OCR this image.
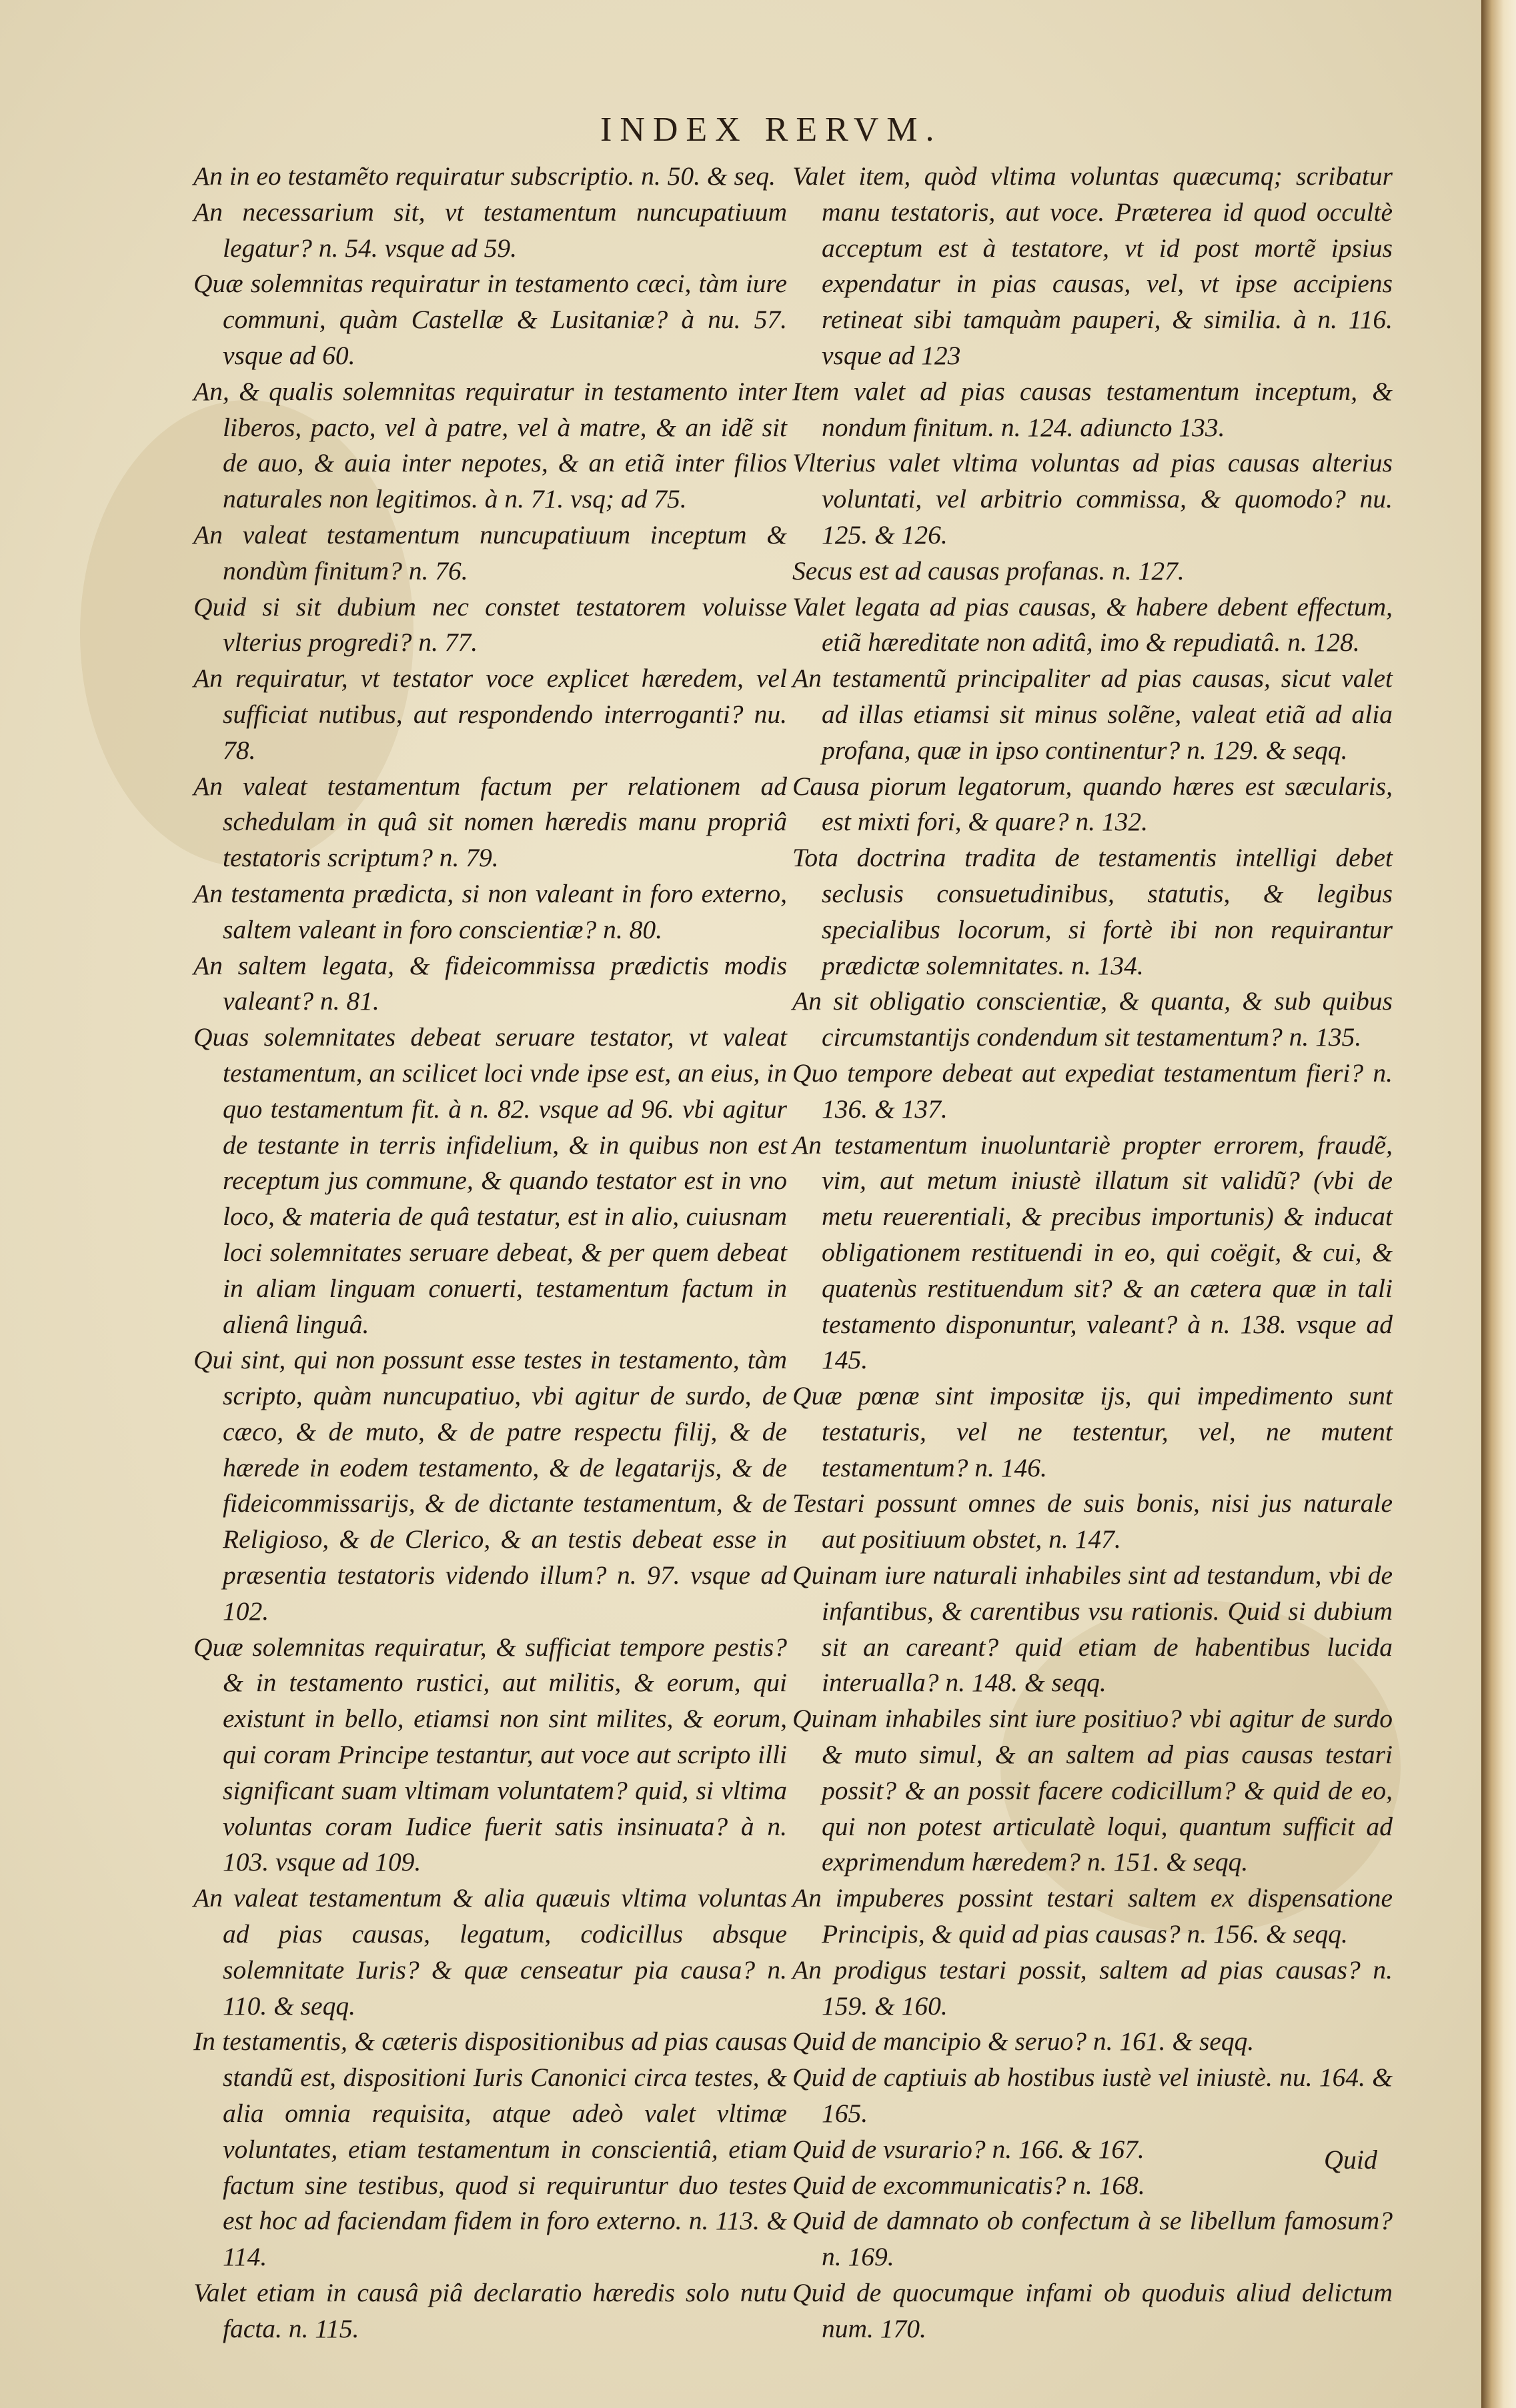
INDEX RERVM.

An in eo testamẽto requiratur subscriptio. n. 50. & seq.

An necessarium sit, vt testamentum nuncupatiuum legatur? n. 54. vsque ad 59.

Quæ solemnitas requiratur in testamento cæci, tàm iure communi, quàm Castellæ & Lusitaniæ? à nu. 57. vsque ad 60.

An, & qualis solemnitas requiratur in testamento inter liberos, pacto, vel à patre, vel à matre, & an idẽ sit de auo, & auia inter nepotes, & an etiã inter filios naturales non legitimos. à n. 71. vsq; ad 75.

An valeat testamentum nuncupatiuum inceptum & nondùm finitum? n. 76.

Quid si sit dubium nec constet testatorem voluisse vlterius progredi? n. 77.

An requiratur, vt testator voce explicet hæredem, vel sufficiat nutibus, aut respondendo interroganti? nu. 78.

An valeat testamentum factum per relationem ad schedulam in quâ sit nomen hæredis manu propriâ testatoris scriptum? n. 79.

An testamenta prædicta, si non valeant in foro externo, saltem valeant in foro conscientiæ? n. 80.

An saltem legata, & fideicommissa prædictis modis valeant? n. 81.

Quas solemnitates debeat seruare testator, vt valeat testamentum, an scilicet loci vnde ipse est, an eius, in quo testamentum fit. à n. 82. vsque ad 96. vbi agitur de testante in terris infidelium, & in quibus non est receptum jus commune, & quando testator est in vno loco, & materia de quâ testatur, est in alio, cuiusnam loci solemnitates seruare debeat, & per quem debeat in aliam linguam conuerti, testamentum factum in alienâ linguâ.

Qui sint, qui non possunt esse testes in testamento, tàm scripto, quàm nuncupatiuo, vbi agitur de surdo, de cæco, & de muto, & de patre respectu filij, & de hærede in eodem testamento, & de legatarijs, & de fideicommissarijs, & de dictante testamentum, & de Religioso, & de Clerico, & an testis debeat esse in præsentia testatoris videndo illum? n. 97. vsque ad 102.

Quæ solemnitas requiratur, & sufficiat tempore pestis? & in testamento rustici, aut militis, & eorum, qui existunt in bello, etiamsi non sint milites, & eorum, qui coram Principe testantur, aut voce aut scripto illi significant suam vltimam voluntatem? quid, si vltima voluntas coram Iudice fuerit satis insinuata? à n. 103. vsque ad 109.

An valeat testamentum & alia quæuis vltima voluntas ad pias causas, legatum, codicillus absque solemnitate Iuris? & quæ censeatur pia causa? n. 110. & seqq.

In testamentis, & cæteris dispositionibus ad pias causas standũ est, dispositioni Iuris Canonici circa testes, & alia omnia requisita, atque adeò valet vltimæ voluntates, etiam testamentum in conscientiâ, etiam factum sine testibus, quod si requiruntur duo testes est hoc ad faciendam fidem in foro externo. n. 113. & 114.

Valet etiam in causâ piâ declaratio hæredis solo nutu facta. n. 115.

Valet item, quòd vltima voluntas quæcumq; scribatur manu testatoris, aut voce. Præterea id quod occultè acceptum est à testatore, vt id post mortẽ ipsius expendatur in pias causas, vel, vt ipse accipiens retineat sibi tamquàm pauperi, & similia. à n. 116. vsque ad 123

Item valet ad pias causas testamentum inceptum, & nondum finitum. n. 124. adiuncto 133.

Vlterius valet vltima voluntas ad pias causas alterius voluntati, vel arbitrio commissa, & quomodo? nu. 125. & 126.

Secus est ad causas profanas. n. 127.

Valet legata ad pias causas, & habere debent effectum, etiã hæreditate non aditâ, imo & repudiatâ. n. 128.

An testamentũ principaliter ad pias causas, sicut valet ad illas etiamsi sit minus solẽne, valeat etiã ad alia profana, quæ in ipso continentur? n. 129. & seqq.

Causa piorum legatorum, quando hæres est sæcularis, est mixti fori, & quare? n. 132.

Tota doctrina tradita de testamentis intelligi debet seclusis consuetudinibus, statutis, & legibus specialibus locorum, si fortè ibi non requirantur prædictæ solemnitates. n. 134.

An sit obligatio conscientiæ, & quanta, & sub quibus circumstantijs condendum sit testamentum? n. 135.

Quo tempore debeat aut expediat testamentum fieri? n. 136. & 137.

An testamentum inuoluntariè propter errorem, fraudẽ, vim, aut metum iniustè illatum sit validũ? (vbi de metu reuerentiali, & precibus importunis) & inducat obligationem restituendi in eo, qui coëgit, & cui, & quatenùs restituendum sit? & an cætera quæ in tali testamento disponuntur, valeant? à n. 138. vsque ad 145.

Quæ pœnæ sint impositæ ijs, qui impedimento sunt testaturis, vel ne testentur, vel, ne mutent testamentum? n. 146.

Testari possunt omnes de suis bonis, nisi jus naturale aut positiuum obstet, n. 147.

Quinam iure naturali inhabiles sint ad testandum, vbi de infantibus, & carentibus vsu rationis. Quid si dubium sit an careant? quid etiam de habentibus lucida interualla? n. 148. & seqq.

Quinam inhabiles sint iure positiuo? vbi agitur de surdo & muto simul, & an saltem ad pias causas testari possit? & an possit facere codicillum? & quid de eo, qui non potest articulatè loqui, quantum sufficit ad exprimendum hæredem? n. 151. & seqq.

An impuberes possint testari saltem ex dispensatione Principis, & quid ad pias causas? n. 156. & seqq.

An prodigus testari possit, saltem ad pias causas? n. 159. & 160.

Quid de mancipio & seruo? n. 161. & seqq.

Quid de captiuis ab hostibus iustè vel iniustè. nu. 164. & 165.

Quid de vsurario? n. 166. & 167.

Quid de excommunicatis? n. 168.

Quid de damnato ob confectum à se libellum famosum? n. 169.

Quid de quocumque infami ob quoduis aliud delictum num. 170.

Quid
